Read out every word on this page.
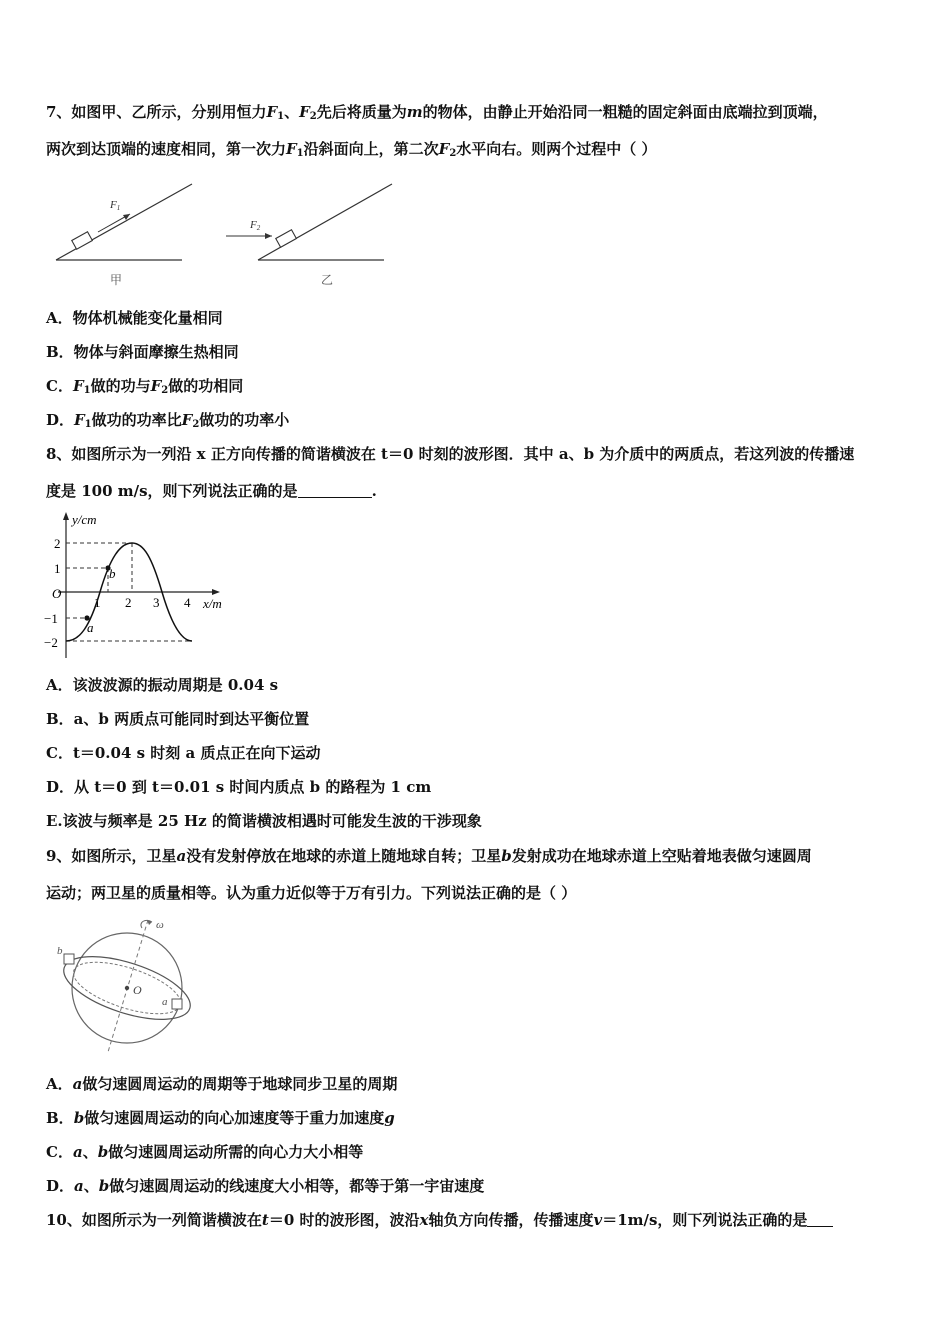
7、如图甲、乙所示，分别用恒力$F_1$、$F_2$先后将质量为m的物体，由静止开始沿同一粗糙的固定斜面由底端拉到顶端，
两次到达顶端的速度相同，第一次力$F_1$沿斜面向上，第二次$F_2$水平向右。则两个过程中（ ）
F1
甲
F2
乙
A．物体机械能变化量相同
B．物体与斜面摩擦生热相同
C．$F_1$做的功与$F_2$做的功相同
D．$F_1$做功的功率比$F_2$做功的功率小
8、如图所示为一列沿 x 正方向传播的简谐横波在 t＝0 时刻的波形图．其中 a、b 为介质中的两质点，若这列波的传播速
度是 100 m/s，则下列说法正确的是	.
y/cm
x/m
O
2
1
−1
−2
1 2 3 4
a
b
A．该波波源的振动周期是 0.04 s
B．a、b 两质点可能同时到达平衡位置
C．t＝0.04 s 时刻 a 质点正在向下运动
D．从 t＝0 到 t＝0.01 s 时间内质点 b 的路程为 1 cm
E.该波与频率是 25 Hz 的简谐横波相遇时可能发生波的干涉现象
9、如图所示，卫星a没有发射停放在地球的赤道上随地球自转；卫星b发射成功在地球赤道上空贴着地表做匀速圆周
运动；两卫星的质量相等。认为重力近似等于万有引力。下列说法正确的是（ ）
ω
O
b
a
A．a做匀速圆周运动的周期等于地球同步卫星的周期
B．b做匀速圆周运动的向心加速度等于重力加速度g
C．a、b做匀速圆周运动所需的向心力大小相等
D．a、b做匀速圆周运动的线速度大小相等，都等于第一宇宙速度
10、如图所示为一列简谐横波在t＝0 时的波形图，波沿x轴负方向传播，传播速度v＝1m/s，则下列说法正确的是
